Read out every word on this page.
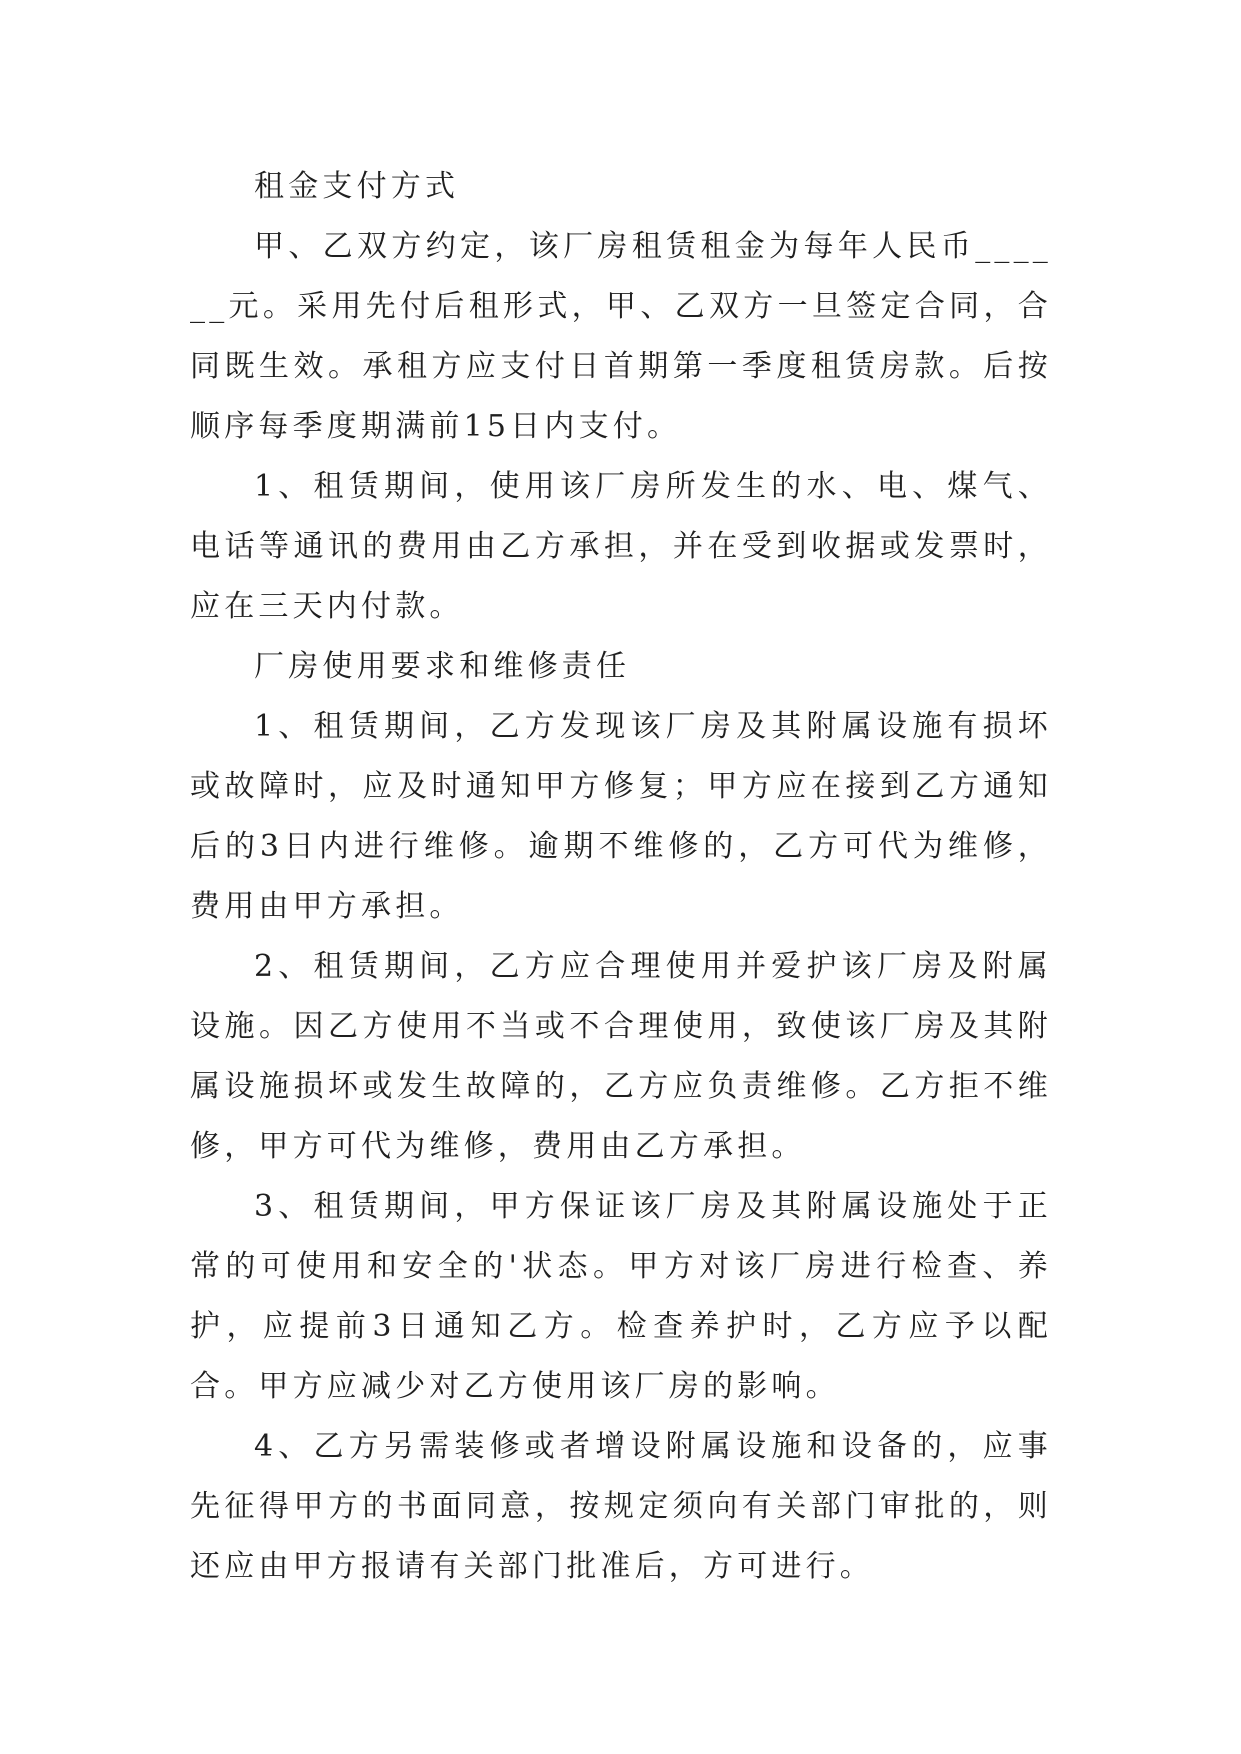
租金支付方式

甲、乙双方约定，该厂房租赁租金为每年人民币______元。采用先付后租形式，甲、乙双方一旦签定合同，合同既生效。承租方应支付日首期第一季度租赁房款。后按顺序每季度期满前15日内支付。

1、租赁期间，使用该厂房所发生的水、电、煤气、电话等通讯的费用由乙方承担，并在受到收据或发票时，应在三天内付款。

厂房使用要求和维修责任

1、租赁期间，乙方发现该厂房及其附属设施有损坏或故障时，应及时通知甲方修复；甲方应在接到乙方通知后的3日内进行维修。逾期不维修的，乙方可代为维修，费用由甲方承担。

2、租赁期间，乙方应合理使用并爱护该厂房及附属设施。因乙方使用不当或不合理使用，致使该厂房及其附属设施损坏或发生故障的，乙方应负责维修。乙方拒不维修，甲方可代为维修，费用由乙方承担。

3、租赁期间，甲方保证该厂房及其附属设施处于正常的可使用和安全的'状态。甲方对该厂房进行检查、养护，应提前3日通知乙方。检查养护时，乙方应予以配合。甲方应减少对乙方使用该厂房的影响。

4、乙方另需装修或者增设附属设施和设备的，应事先征得甲方的书面同意，按规定须向有关部门审批的，则还应由甲方报请有关部门批准后，方可进行。
